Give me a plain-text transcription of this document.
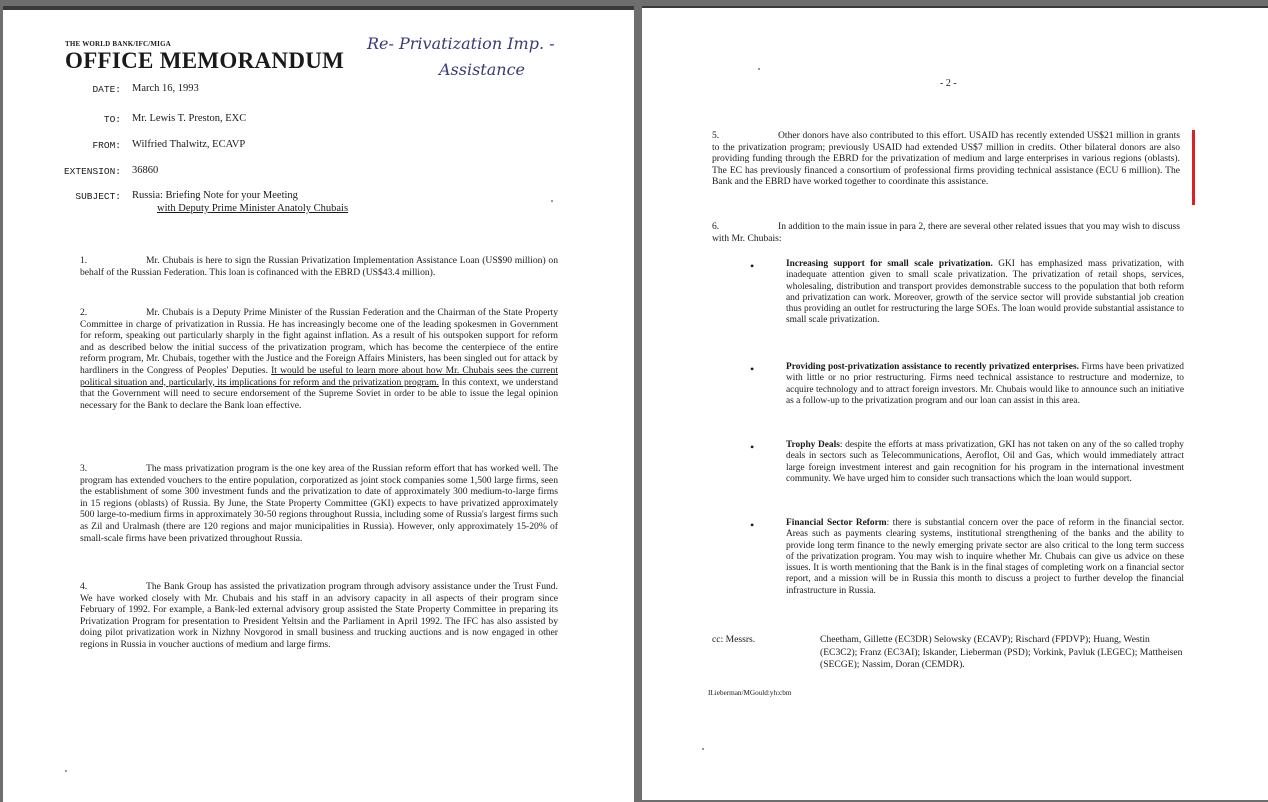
THE WORLD BANK/IFC/MIGA
OFFICE MEMORANDUM
Re- Privatization Imp. -
Assistance
DATE: March 16, 1993
TO: Mr. Lewis T. Preston, EXC
FROM: Wilfried Thalwitz, ECAVP
EXTENSION: 36860
SUBJECT: Russia: Briefing Note for your Meeting
with Deputy Prime Minister Anatoly Chubais
1.	Mr. Chubais is here to sign the Russian Privatization Implementation Assistance Loan (US$90 million) on behalf of the Russian Federation. This loan is cofinanced with the EBRD (US$43.4 million).
2.	Mr. Chubais is a Deputy Prime Minister of the Russian Federation and the Chairman of the State Property Committee in charge of privatization in Russia. He has increasingly become one of the leading spokesmen in Government for reform, speaking out particularly sharply in the fight against inflation. As a result of his outspoken support for reform and as described below the initial success of the privatization program, which has become the centerpiece of the entire reform program, Mr. Chubais, together with the Justice and the Foreign Affairs Ministers, has been singled out for attack by hardliners in the Congress of Peoples' Deputies. It would be useful to learn more about how Mr. Chubais sees the current political situation and, particularly, its implications for reform and the privatization program. In this context, we understand that the Government will need to secure endorsement of the Supreme Soviet in order to be able to issue the legal opinion necessary for the Bank to declare the Bank loan effective.
3.	The mass privatization program is the one key area of the Russian reform effort that has worked well. The program has extended vouchers to the entire population, corporatized as joint stock companies some 1,500 large firms, seen the establishment of some 300 investment funds and the privatization to date of approximately 300 medium-to-large firms in 15 regions (oblasts) of Russia. By June, the State Property Committee (GKI) expects to have privatized approximately 500 large-to-medium firms in approximately 30-50 regions throughout Russia, including some of Russia's largest firms such as Zil and Uralmash (there are 120 regions and major municipalities in Russia). However, only approximately 15-20% of small-scale firms have been privatized throughout Russia.
4.	The Bank Group has assisted the privatization program through advisory assistance under the Trust Fund. We have worked closely with Mr. Chubais and his staff in an advisory capacity in all aspects of their program since February of 1992. For example, a Bank-led external advisory group assisted the State Property Committee in preparing its Privatization Program for presentation to President Yeltsin and the Parliament in April 1992. The IFC has also assisted by doing pilot privatization work in Nizhny Novgorod in small business and trucking auctions and is now engaged in other regions in Russia in voucher auctions of medium and large firms.
- 2 -
5.	Other donors have also contributed to this effort. USAID has recently extended US$21 million in grants to the privatization program; previously USAID had extended US$7 million in credits. Other bilateral donors are also providing funding through the EBRD for the privatization of medium and large enterprises in various regions (oblasts). The EC has previously financed a consortium of professional firms providing technical assistance (ECU 6 million). The Bank and the EBRD have worked together to coordinate this assistance.
6.	In addition to the main issue in para 2, there are several other related issues that you may wish to discuss with Mr. Chubais:
•	Increasing support for small scale privatization. GKI has emphasized mass privatization, with inadequate attention given to small scale privatization. The privatization of retail shops, services, wholesaling, distribution and transport provides demonstrable success to the population that both reform and privatization can work. Moreover, growth of the service sector will provide substantial job creation thus providing an outlet for restructuring the large SOEs. The loan would provide substantial assistance to small scale privatization.
•	Providing post-privatization assistance to recently privatized enterprises. Firms have been privatized with little or no prior restructuring. Firms need technical assistance to restructure and modernize, to acquire technology and to attract foreign investors. Mr. Chubais would like to announce such an initiative as a follow-up to the privatization program and our loan can assist in this area.
•	Trophy Deals: despite the efforts at mass privatization, GKI has not taken on any of the so called trophy deals in sectors such as Telecommunications, Aeroflot, Oil and Gas, which would immediately attract large foreign investment interest and gain recognition for his program in the international investment community. We have urged him to consider such transactions which the loan would support.
•	Financial Sector Reform: there is substantial concern over the pace of reform in the financial sector. Areas such as payments clearing systems, institutional strengthening of the banks and the ability to provide long term finance to the newly emerging private sector are also critical to the long term success of the privatization program. You may wish to inquire whether Mr. Chubais can give us advice on these issues. It is worth mentioning that the Bank is in the final stages of completing work on a financial sector report, and a mission will be in Russia this month to discuss a project to further develop the financial infrastructure in Russia.
cc: Messrs.	Cheetham, Gillette (EC3DR) Selowsky (ECAVP); Rischard (FPDVP); Huang, Westin (EC3C2); Franz (EC3AI); Iskander, Lieberman (PSD); Vorkink, Pavluk (LEGEC); Mattheisen (SECGE); Nassim, Doran (CEMDR).
ILieberman/MGould:yh:cbm
